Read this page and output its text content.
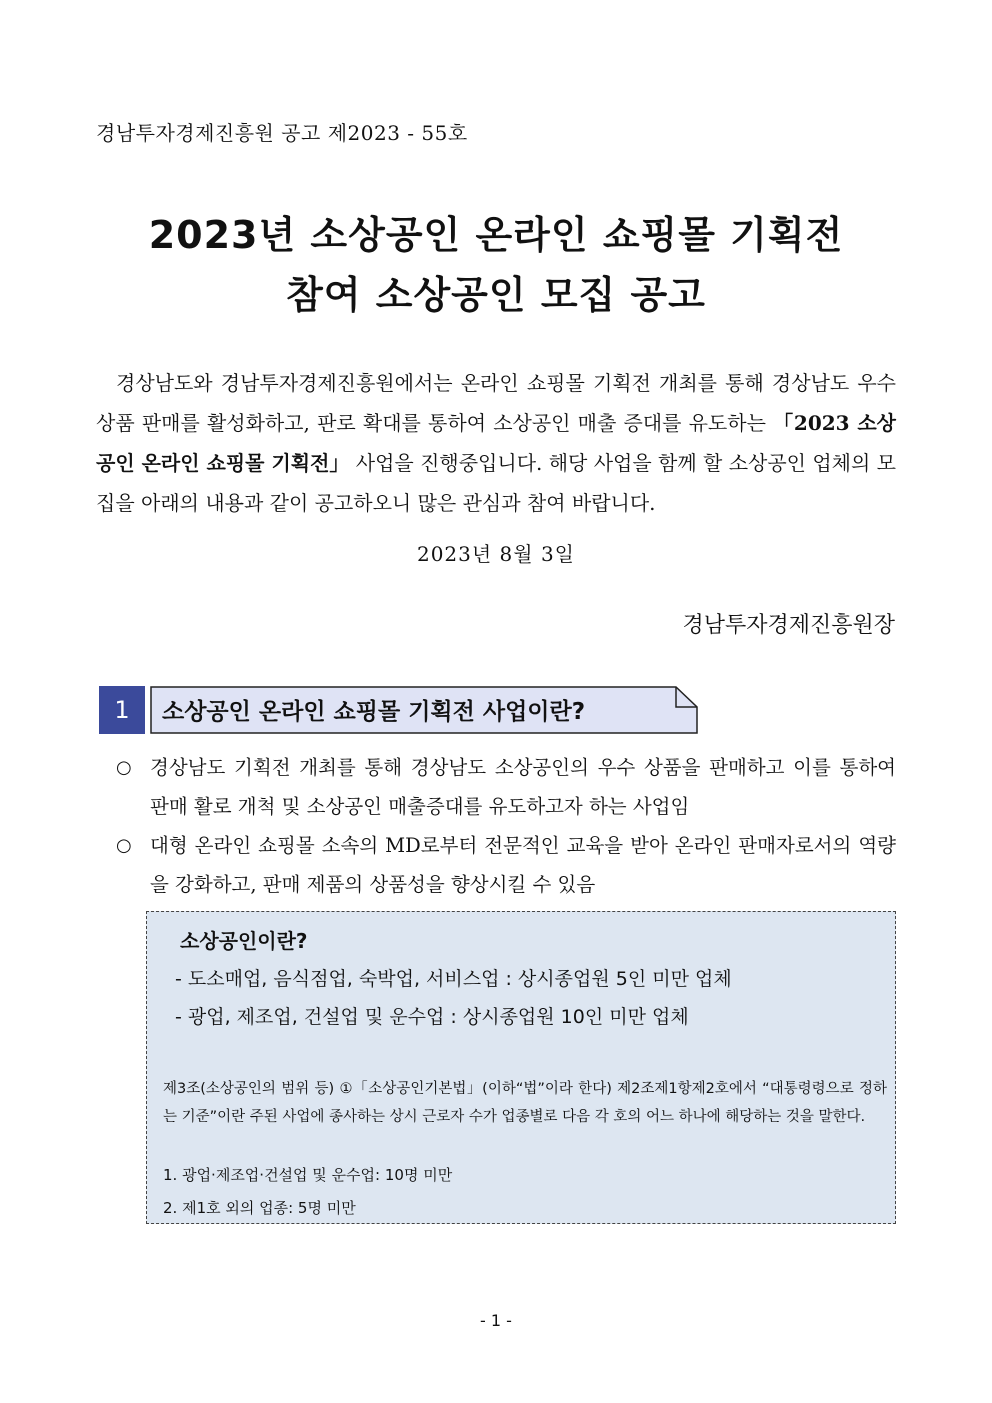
경남투자경제진흥원 공고 제2023 - 55호
2023년 소상공인 온라인 쇼핑몰 기획전
참여 소상공인 모집 공고

경상남도와 경남투자경제진흥원에서는 온라인 쇼핑몰 기획전 개최를 통해 경상남도 우수 상품 판매를 활성화하고, 판로 확대를 통하여 소상공인 매출 증대를 유도하는 「2023 소상공인 온라인 쇼핑몰 기획전」 사업을 진행중입니다. 해당 사업을 함께 할 소상공인 업체의 모집을 아래의 내용과 같이 공고하오니 많은 관심과 참여 바랍니다.

2023년 8월 3일
경남투자경제진흥원장
1	소상공인 온라인 쇼핑몰 기획전 사업이란?
○ 경상남도 기획전 개최를 통해 경상남도 소상공인의 우수 상품을 판매하고 이를 통하여 판매 활로 개척 및 소상공인 매출증대를 유도하고자 하는 사업임
○ 대형 온라인 쇼핑몰 소속의 MD로부터 전문적인 교육을 받아 온라인 판매자로서의 역량을 강화하고, 판매 제품의 상품성을 향상시킬 수 있음
소상공인이란?
- 도소매업, 음식점업, 숙박업, 서비스업 : 상시종업원 5인 미만 업체
- 광업, 제조업, 건설업 및 운수업 : 상시종업원 10인 미만 업체
제3조(소상공인의 범위 등) ①「소상공인기본법」(이하“법”이라 한다) 제2조제1항제2호에서 “대통령령으로 정하는 기준”이란 주된 사업에 종사하는 상시 근로자 수가 업종별로 다음 각 호의 어느 하나에 해당하는 것을 말한다.
1. 광업·제조업·건설업 및 운수업: 10명 미만
2. 제1호 외의 업종: 5명 미만
- 1 -
